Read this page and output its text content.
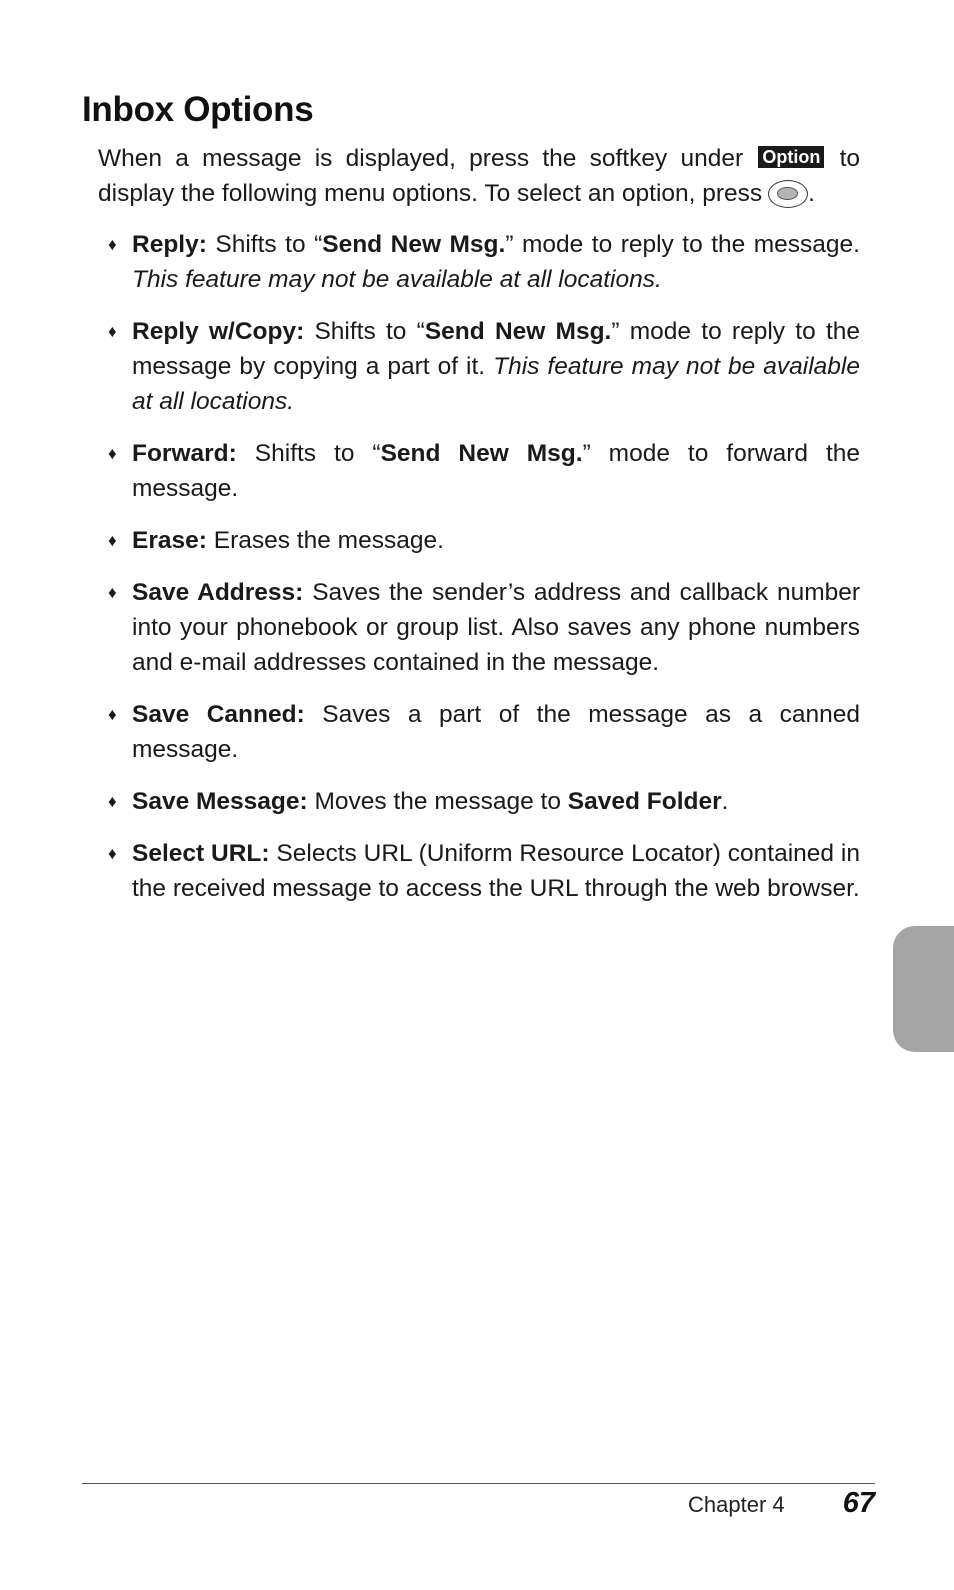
Inbox Options

When a message is displayed, press the softkey under Option to display the following menu options. To select an option, press .

♦ Reply: Shifts to “Send New Msg.” mode to reply to the message. This feature may not be available at all locations.
♦ Reply w/Copy: Shifts to “Send New Msg.” mode to reply to the message by copying a part of it. This feature may not be available at all locations.
♦ Forward: Shifts to “Send New Msg.” mode to forward the message.
♦ Erase: Erases the message.
♦ Save Address: Saves the sender’s address and callback number into your phonebook or group list. Also saves any phone numbers and e-mail addresses contained in the message.
♦ Save Canned: Saves a part of the message as a canned message.
♦ Save Message: Moves the message to Saved Folder.
♦ Select URL: Selects URL (Uniform Resource Locator) contained in the received message to access the URL through the web browser.
Chapter 4 67
